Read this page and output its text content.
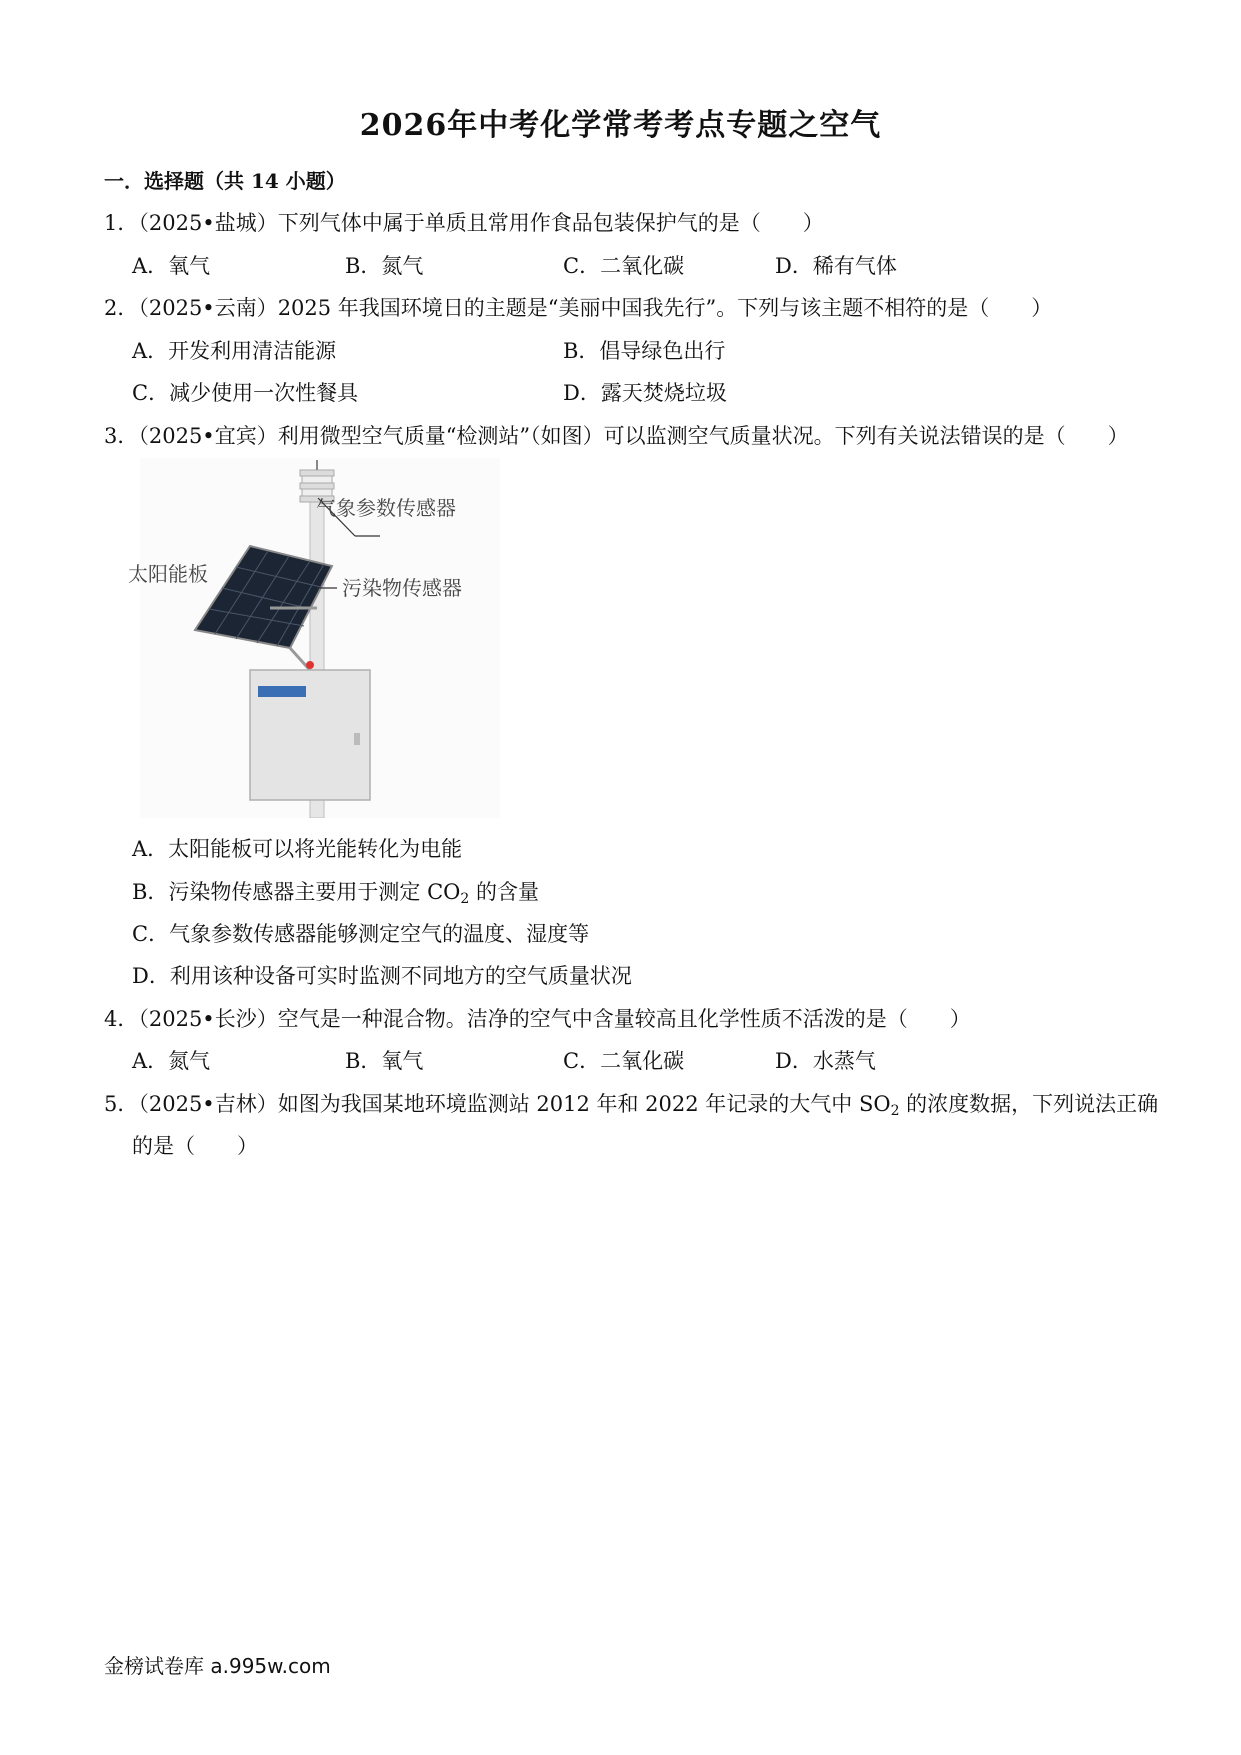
2026年中考化学常考考点专题之空气
一．选择题（共 14 小题）
1．（2025•盐城）下列气体中属于单质且常用作食品包装保护气的是（　　）
A．氧气	B．氮气	C．二氧化碳	D．稀有气体
2．（2025•云南）2025 年我国环境日的主题是“美丽中国我先行”。下列与该主题不相符的是（　　）
A．开发利用清洁能源	B．倡导绿色出行
C．减少使用一次性餐具	D．露天焚烧垃圾
3．（2025•宜宾）利用微型空气质量“检测站”（如图）可以监测空气质量状况。下列有关说法错误的是（　　）
气象参数传感器
太阳能板
污染物传感器
A．太阳能板可以将光能转化为电能
B．污染物传感器主要用于测定 $CO_2$ 的含量
C．气象参数传感器能够测定空气的温度、湿度等
D．利用该种设备可实时监测不同地方的空气质量状况
4．（2025•长沙）空气是一种混合物。洁净的空气中含量较高且化学性质不活泼的是（　　）
A．氮气	B．氧气	C．二氧化碳	D．水蒸气
5．（2025•吉林）如图为我国某地环境监测站 2012 年和 2022 年记录的大气中 $SO_2$ 的浓度数据，下列说法正确
的是（　　）
金榜试卷库 a.995w.com
